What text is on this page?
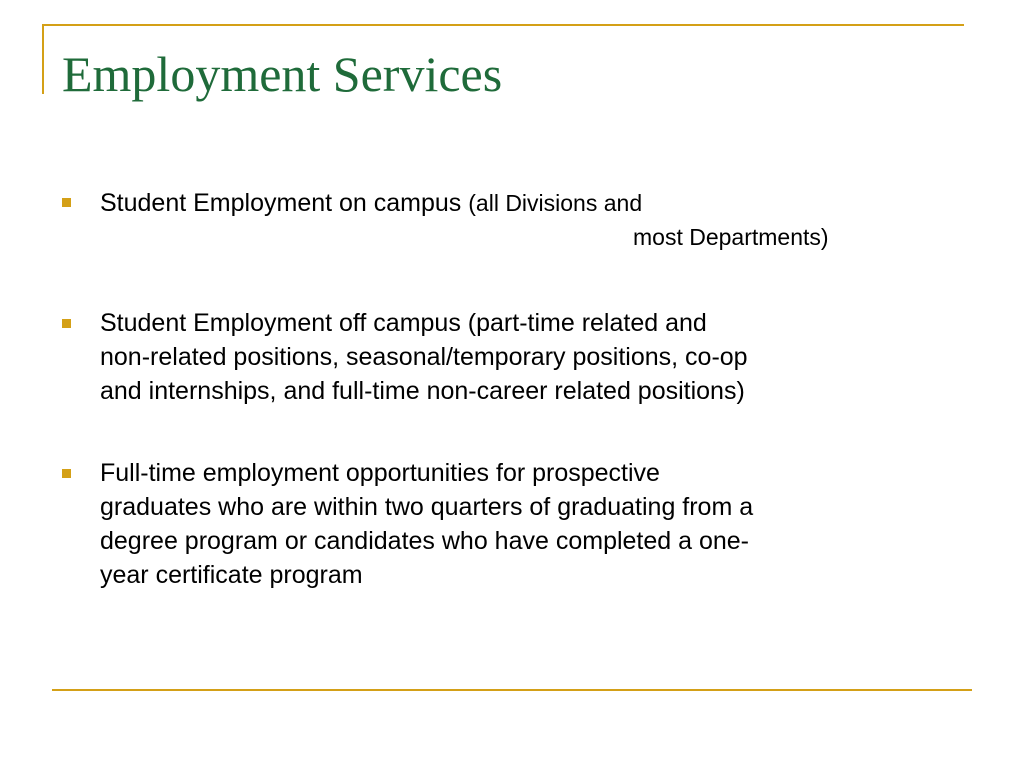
Employment Services
Student Employment on campus (all Divisions and
most Departments)
Student Employment off campus (part-time related and
non-related positions, seasonal/temporary positions, co-op
and internships, and full-time non-career related positions)
Full-time employment opportunities for prospective
graduates who are within two quarters of graduating from a
degree program or candidates who have completed a one-
year certificate program
